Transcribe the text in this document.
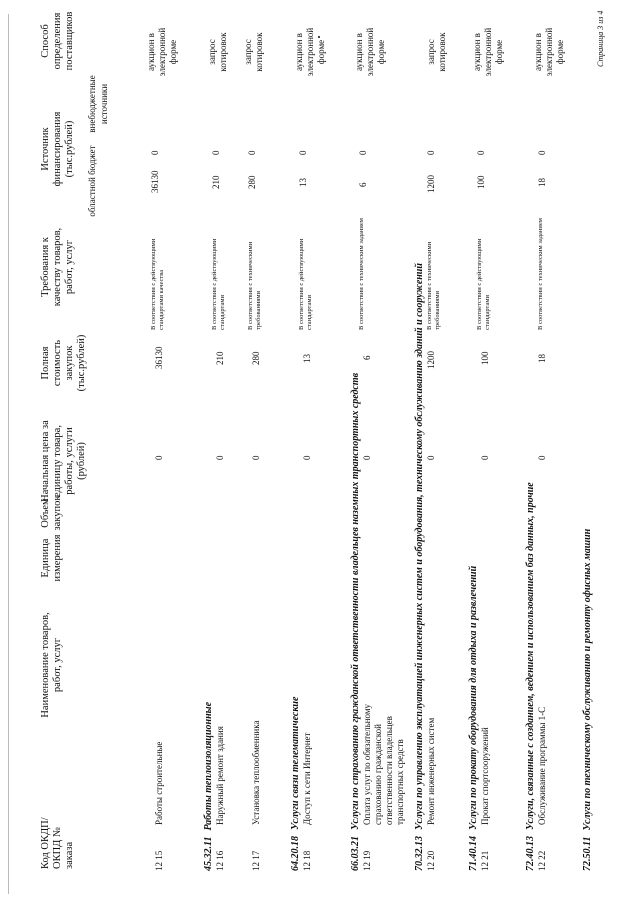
Код ОКДП/ ОКПД № заказа
Наименование товаров, работ, услуг
Единица измерения
Объем закупок
Начальная цена за единицу товара, работы, услуги (рублей)
Полная стоимость закупок (тыс.рублей)
Требования к качеству товаров, работ, услуг
Источник финансирования (тыс.рублей) областной бюджет
внебюджетные источники
Способ определения поставщиков
12 15
Работы строительные
0
36130
В соответствии с действующими стандартами качества
36130
0
аукцион в электронной форме
45.32.11Работы теплоизоляционные
12 16
Наружный ремонт здания
0
210
В соответствии с действующими стандартами
210
0
запрос котировок
12 17
Установка теплообменника
0
280
В соответствии с техническими требованиями
280
0
запрос котировок
64.20.18Услуги связи телематические
12 18
Доступ к сети Интернет
0
13
В соответствии с действующими стандартами
13
0
аукцион в электронной форме
66.03.21Услуги по страхованию гражданской ответственности владельцев наземных транспортных средств
12 19
Оплата услуг по обязательному страхованию гражданской ответственности владельцев транспортных средств
0
6
В соответствии с техническим заданием
6
0
аукцион в электронной форме
70.32.13Услуги по управлению эксплуатацией инженерных систем и оборудования, техническому обслуживанию зданий и сооружений
12 20
Ремонт инженерных систем
0
1200
В соответствии с техническими требованиями
1200
0
запрос котировок
71.40.14Услуги по прокату оборудования для отдыха и развлечений
12 21
Прокат спортсооружений
0
100
В соответствии с действующими стандартами
100
0
аукцион в электронной форме
72.40.13Услуги, связанные с созданием, ведением и использованием баз данных, прочие
12 22
Обслуживание программы 1-С
0
18
В соответствии с техническим заданием
18
0
аукцион в электронной форме
72.50.11Услуги по техническому обслуживанию и ремонту офисных машин
Страница 3 из 4
